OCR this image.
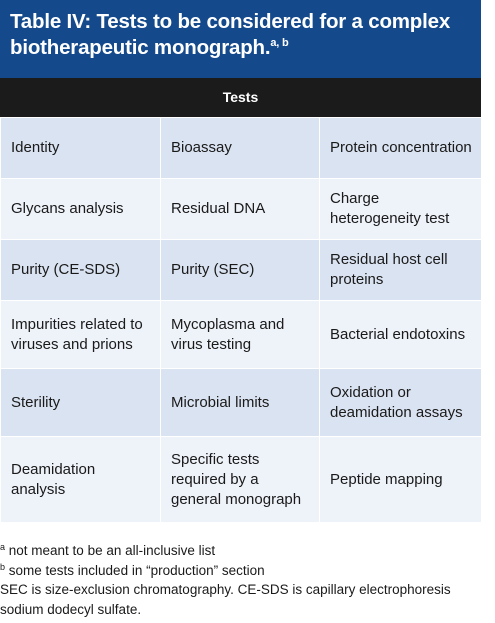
Table IV: Tests to be considered for a complex biotherapeutic monograph.$^{a, b}$
Tests
Identity	Bioassay	Protein concentration
Glycans analysis	Residual DNA	Charge heterogeneity test
Purity (CE-SDS)	Purity (SEC)	Residual host cell proteins
Impurities related to viruses and prions	Mycoplasma and virus testing	Bacterial endotoxins
Sterility	Microbial limits	Oxidation or deamidation assays
Deamidation analysis	Specific tests required by a general monograph	Peptide mapping
$^a$ not meant to be an all-inclusive list
$^b$ some tests included in “production” section
SEC is size-exclusion chromatography. CE-SDS is capillary electrophoresis sodium dodecyl sulfate.
